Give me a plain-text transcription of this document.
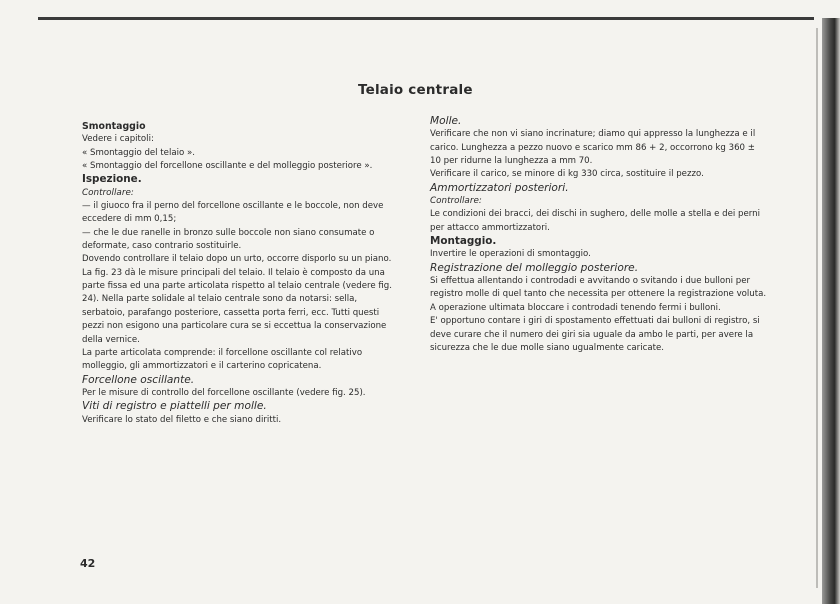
Telaio centrale

Smontaggio

Vedere i capitoli:

« Smontaggio del telaio ».

« Smontaggio del forcellone oscillante e del molleggio posteriore ».

Ispezione.

Controllare:

— il giuoco fra il perno del forcellone oscillante e le boccole, non deve eccedere di mm 0,15;

— che le due ranelle in bronzo sulle boccole non siano consumate o deformate, caso contrario sostituirle.

Dovendo controllare il telaio dopo un urto, occorre disporlo su un piano. La fig. 23 dà le misure principali del telaio. Il telaio è composto da una parte fissa ed una parte articolata rispetto al telaio centrale (vedere fig. 24). Nella parte solidale al telaio centrale sono da notarsi: sella, serbatoio, parafango posteriore, cassetta porta ferri, ecc. Tutti questi pezzi non esigono una particolare cura se si eccettua la conservazione della vernice.

La parte articolata comprende: il forcellone oscillante col relativo molleggio, gli ammortizzatori e il carterino copricatena.

Forcellone oscillante.

Per le misure di controllo del forcellone oscillante (vedere fig. 25).

Viti di registro e piattelli per molle.

Verificare lo stato del filetto e che siano diritti.

Molle.

Verificare che non vi siano incrinature; diamo qui appresso la lunghezza e il carico. Lunghezza a pezzo nuovo e scarico mm 86 + 2, occorrono kg 360 ± 10 per ridurne la lunghezza a mm 70.

Verificare il carico, se minore di kg 330 circa, sostituire il pezzo.

Ammortizzatori posteriori.

Controllare:

Le condizioni dei bracci, dei dischi in sughero, delle molle a stella e dei perni per attacco ammortizzatori.

Montaggio.

Invertire le operazioni di smontaggio.

Registrazione del molleggio posteriore.

Si effettua allentando i controdadi e avvitando o svitando i due bulloni per registro molle di quel tanto che necessita per ottenere la registrazione voluta. A operazione ultimata bloccare i controdadi tenendo fermi i bulloni.

E' opportuno contare i giri di spostamento effettuati dai bulloni di registro, si deve curare che il numero dei giri sia uguale da ambo le parti, per avere la sicurezza che le due molle siano ugualmente caricate.

42
